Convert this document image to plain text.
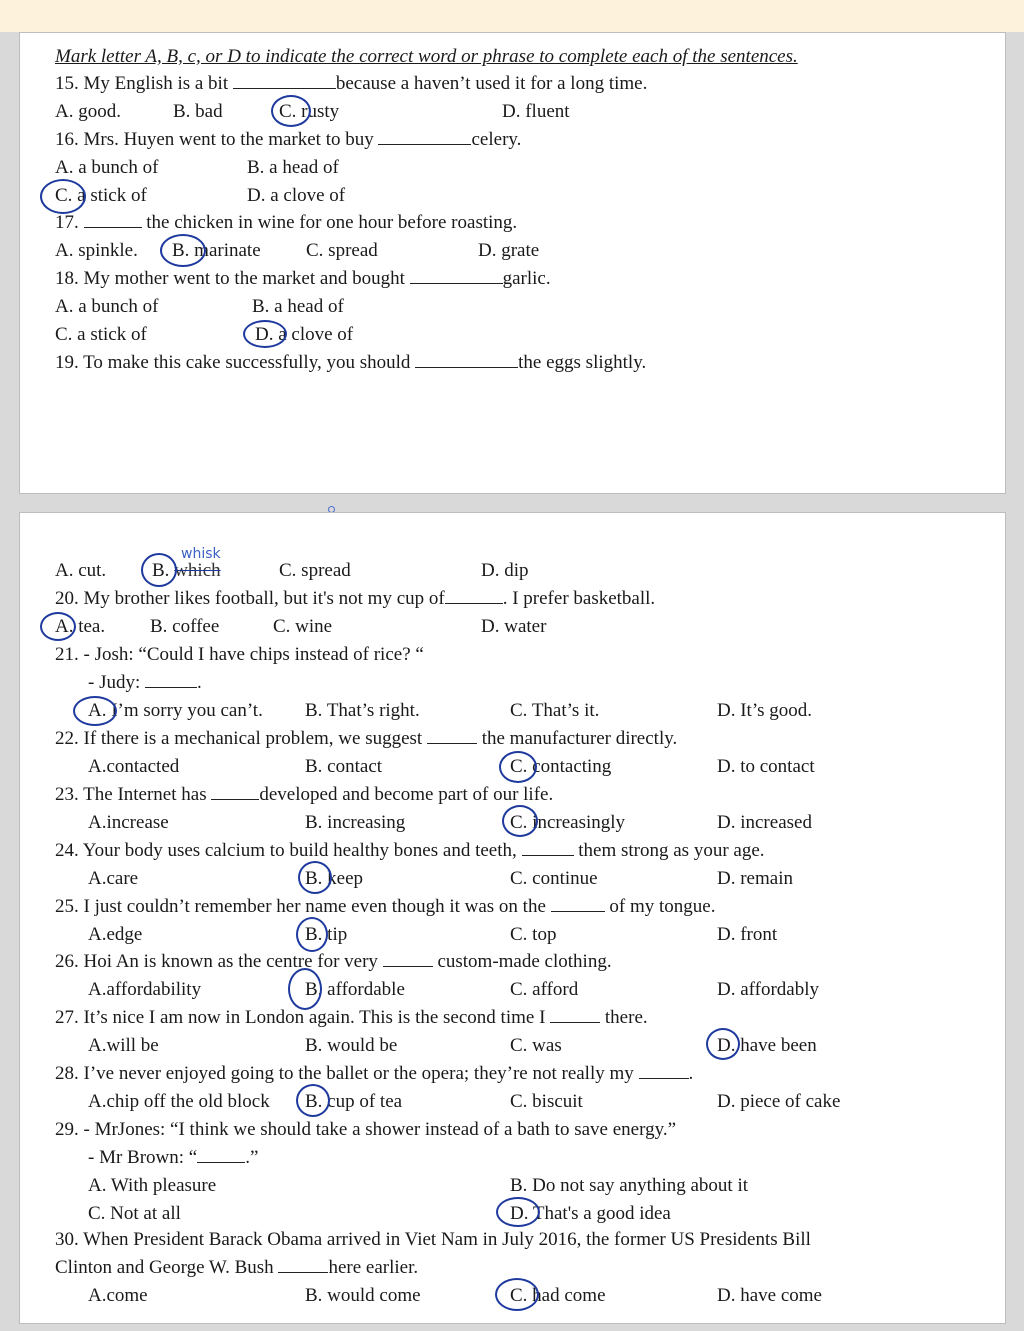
Mark letter A, B, c, or D to indicate the correct word or phrase to complete each of the sentences.
15. My English is a bit	because a haven’t used it for a long time.
A. good.	B. bad	C. rusty	D. fluent
16. Mrs. Huyen went to the market to buy	celery.
A. a bunch of	B. a head of
C. a stick of	D. a clove of
17.	the chicken in wine for one hour before roasting.
A. spinkle. B. marinate C. spread	D. grate
18. My mother went to the market and bought	garlic.
A. a bunch of	B. a head of
C. a stick of	D. a clove of
19. To make this cake successfully, you should	the eggs slightly.
whisk
A. cut. B. which	C. spread	D. dip
20. My brother likes football, but it's not my cup of	. I prefer basketball.
A. tea. B. coffee	C. wine	D. water
21. - Josh: “Could I have chips instead of rice? “
- Judy:	.
A. I’m sorry you can’t. B. That’s right.	C. That’s it.	D. It’s good.
22. If there is a mechanical problem, we suggest	the manufacturer directly.
A.contacted	B. contact	C. contacting	D. to contact
23. The Internet has	developed and become part of our life.
A.increase	B. increasing	C. increasingly	D. increased
24. Your body uses calcium to build healthy bones and teeth,	them strong as your age.
A.care	B. keep	C. continue	D. remain
25. I just couldn’t remember her name even though it was on the	of my tongue.
A.edge	B. tip	C. top	D. front
26. Hoi An is known as the centre for very	custom-made clothing.
A.affordability	B. affordable	C. afford	D. affordably
27. It’s nice I am now in London again. This is the second time I	there.
A.will be	B. would be	C. was	D. have been
28. I’ve never enjoyed going to the ballet or the opera; they’re not really my	.
A.chip off the old block B. cup of tea	C. biscuit	D. piece of cake
29. - MrJones: “I think we should take a shower instead of a bath to save energy.”
- Mr Brown: “	.”
A. With pleasure	B. Do not say anything about it
C. Not at all	D. That's a good idea
30. When President Barack Obama arrived in Viet Nam in July 2016, the former US Presidents Bill
Clinton and George W. Bush	here earlier.
A.come	B. would come	C. had come	D. have come
